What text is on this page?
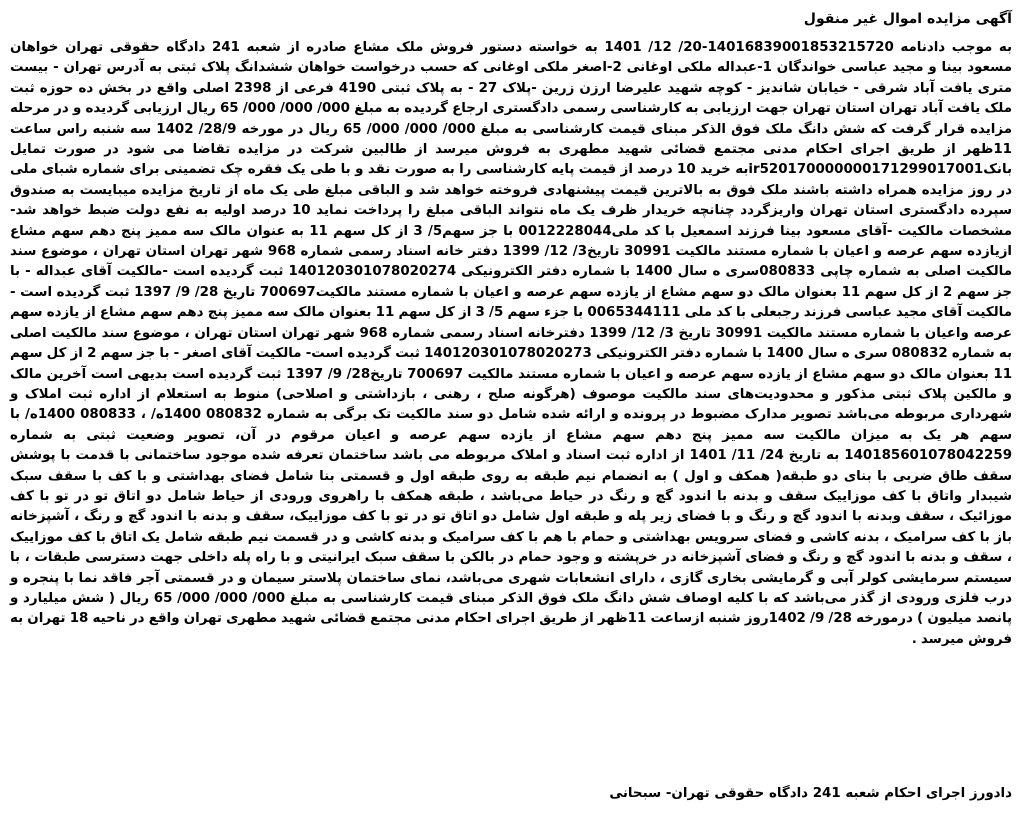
آگهی مزایده اموال غیر منقول

به موجب دادنامه 14016839001853215720-20/ 12/ 1401 به خواسته دستور فروش ملک مشاع صادره از شعبه 241 دادگاه حقوقی تهران خواهان مسعود بینا و مجید عباسی خواندگان 1-عبداله ملکی اوغانی 2-اصغر ملکی اوغانی که حسب درخواست خواهان ششدانگ پلاک ثبتی به آدرس تهران - بیست متری یافت آباد شرقی - خیابان شانديز - کوچه شهید علیرضا ارزن زرین -پلاک 27 - به پلاک ثبتی 4190 فرعی از 2398 اصلی واقع در بخش ده حوزه ثبت ملک یافت آباد تهران استان تهران جهت ارزیابی به کارشناسی رسمی دادگستری ارجاع گردیده به مبلغ 000/ 000/ 000/ 65 ریال ارزیابی گردیده و در مرحله مزایده قرار گرفت که شش دانگ ملک فوق الذکر مبنای قیمت کارشناسی به مبلغ 000/ 000/ 000/ 65 ریال در مورخه 28/9/ 1402 سه شنبه راس ساعت 11ظهر از طریق اجرای احکام مدنی مجتمع قضائی شهید مطهری به فروش میرسد از طالبین شرکت در مزایده تقاضا می شود در صورت تمایل بانکir520170000000171299017001به خرید 10 درصد از قیمت پایه کارشناسی را به صورت نقد و با طی یک فقره چک تضمینی برای شماره شبای ملی در روز مزایده همراه داشته باشند ملک فوق به بالاترین قیمت پیشنهادی فروخته خواهد شد و الباقی مبلغ طی یک ماه از تاریخ مزایده میبایست به صندوق سپرده دادگستری استان تهران واریزگردد چنانچه خریدار ظرف یک ماه نتواند الباقی مبلغ را پرداخت نماید 10 درصد اولیه به نفع دولت ضبط خواهد شد-مشخصات مالکیت -آقای مسعود بینا فرزند اسمعیل با کد ملی0012228044 با جز سهم5/ 3 از کل سهم 11 به عنوان مالک سه ممیز پنج دهم سهم مشاع ازیازده سهم عرصه و اعیان با شماره مستند مالکیت 30991 تاریخ3/ 12/ 1399 دفتر خانه اسناد رسمی شماره 968 شهر تهران استان تهران ، موضوع سند مالکیت اصلی به شماره چاپی 080833سری ه سال 1400 با شماره دفتر الکترونیکی 140120301078020274 ثبت گردیده است -مالکیت آقای عبداله - با جز سهم 2 از کل سهم 11 بعنوان مالک دو سهم مشاع از یازده سهم عرصه و اعیان با شماره مستند مالکیت700697 تاریخ 28/ 9/ 1397 ثبت گردیده است - مالکیت آقای مجید عباسی فرزند رجبعلی با کد ملی 0065344111 با جزء سهم 5/ 3 از کل سهم 11 بعنوان مالک سه ممیز پنج دهم سهم مشاع از یازده سهم عرصه واعیان با شماره مستند مالکیت 30991 تاریخ 3/ 12/ 1399 دفترخانه اسناد رسمی شماره 968 شهر تهران استان تهران ، موضوع سند مالکیت اصلی به شماره 080832 سری ه سال 1400 با شماره دفتر الکترونیکی 140120301078020273 ثبت گردیده است- مالکیت آقای اصغر - با جز سهم 2 از کل سهم 11 بعنوان مالک دو سهم مشاع از یازده سهم عرصه و اعیان با شماره مستند مالکیت 700697 تاریخ28/ 9/ 1397 ثبت گردیده است بدیهی است آخرین مالک و مالکین پلاک ثبتی مذکور و محدودیت‌های سند مالکیت موصوف (هرگونه صلح ، رهنی ، بازداشتی و اصلاحی) منوط به استعلام از اداره ثبت املاک و شهرداری مربوطه می‌باشد تصویر مدارک مضبوط در پرونده و ارائه شده شامل دو سند مالکیت تک برگی به شماره 080832 1400ه/ ، 080833 1400ه/ با سهم هر یک به میزان مالکیت سه ممیز پنج دهم سهم مشاع از یازده سهم عرصه و اعیان مرقوم در آن، تصویر وضعیت ثبتی به شماره 140185601078042259 به تاریخ 24/ 11/ 1401 از اداره ثبت اسناد و املاک مربوطه می باشد ساختمان تعرفه شده موجود ساختمانی با قدمت با پوشش سقف طاق ضربی با بنای دو طبقه( همکف و اول ) به انضمام نیم طبقه به روی طبقه اول و قسمتی بنا شامل فضای بهداشتی و با کف با سقف سبک شیبدار واتاق با کف موزاییک سقف و بدنه با اندود گچ و رنگ در حیاط می‌باشد ، طبقه همکف با راهروی ورودی از حیاط شامل دو اتاق تو در تو با کف موزائیک ، سقف وبدنه با اندود گچ و رنگ و با فضای زیر پله و طبقه اول شامل دو اتاق تو در تو با کف موزاییک، سقف و بدنه با اندود گچ و رنگ ، آشپزخانه باز با کف سرامیک ، بدنه کاشی و فضای سرویس بهداشتی و حمام با هم با کف سرامیک و بدنه کاشی و در قسمت نیم طبقه شامل یک اتاق با کف موزاییک ، سقف و بدنه با اندود گچ و رنگ و فضای آشپزخانه در خرپشته و وجود حمام در بالکن با سقف سبک ایرانیتی و با راه پله داخلی جهت دسترسی طبقات ، با سیستم سرمایشی کولر آبی و گرمایشی بخاری گازی ، دارای انشعابات شهری می‌باشد، نمای ساختمان پلاستر سیمان و در قسمتی آجر فاقد نما با پنجره و درب فلزی ورودی از گذر می‌باشد که با کلیه اوصاف شش دانگ ملک فوق الذکر مبنای قیمت کارشناسی به مبلغ 000/ 000/ 000/ 65 ریال ( شش میلیارد و پانصد میلیون ) درمورخه 28/ 9/ 1402روز شنبه ازساعت 11ظهر از طریق اجرای احکام مدنی مجتمع قضائی شهید مطهری تهران واقع در ناحیه 18 تهران به فروش میرسد .

دادورز اجرای احکام شعبه 241 دادگاه حقوقی تهران- سبحانی
